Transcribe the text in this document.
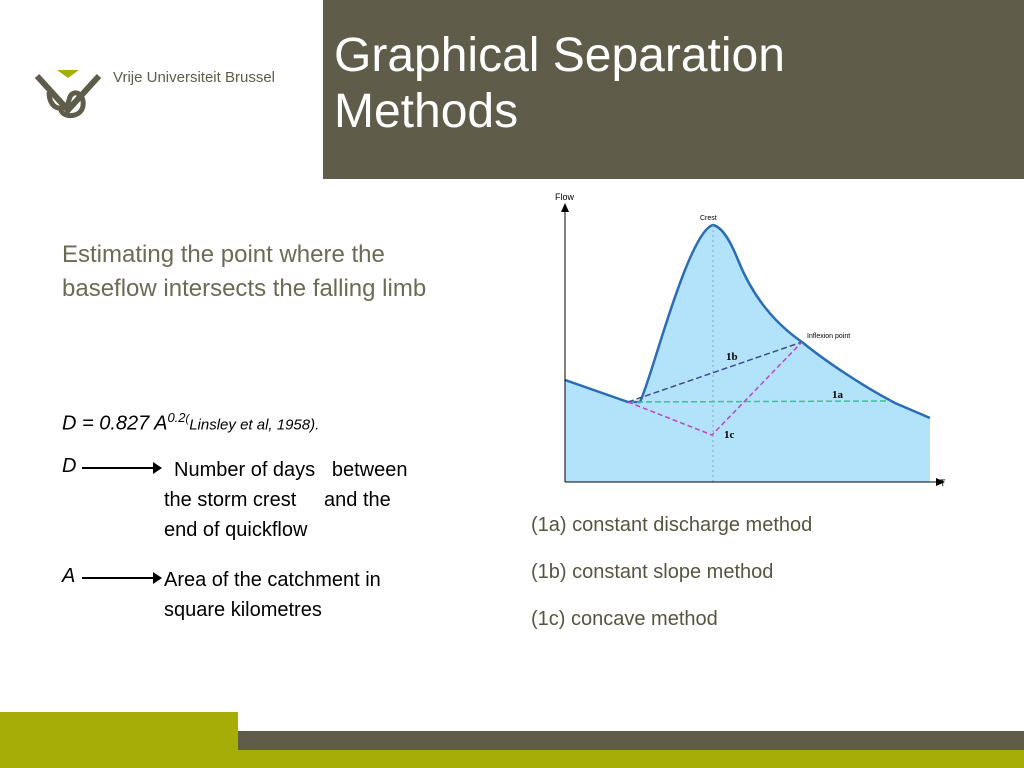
Vrije Universiteit Brussel Graphical Separation
Methods
Estimating the point where the baseflow intersects the falling limb
D = 0.827 A$^{0.2(}$Linsley et al, 1958).
D	Number of days   between
the storm crest     and the
end of quickflow
A	Area of the catchment in
square kilometres
Flow
T
Crest
Inflexion point
1a
1b
1c
(1a) constant discharge method
(1b) constant slope method
(1c) concave method
